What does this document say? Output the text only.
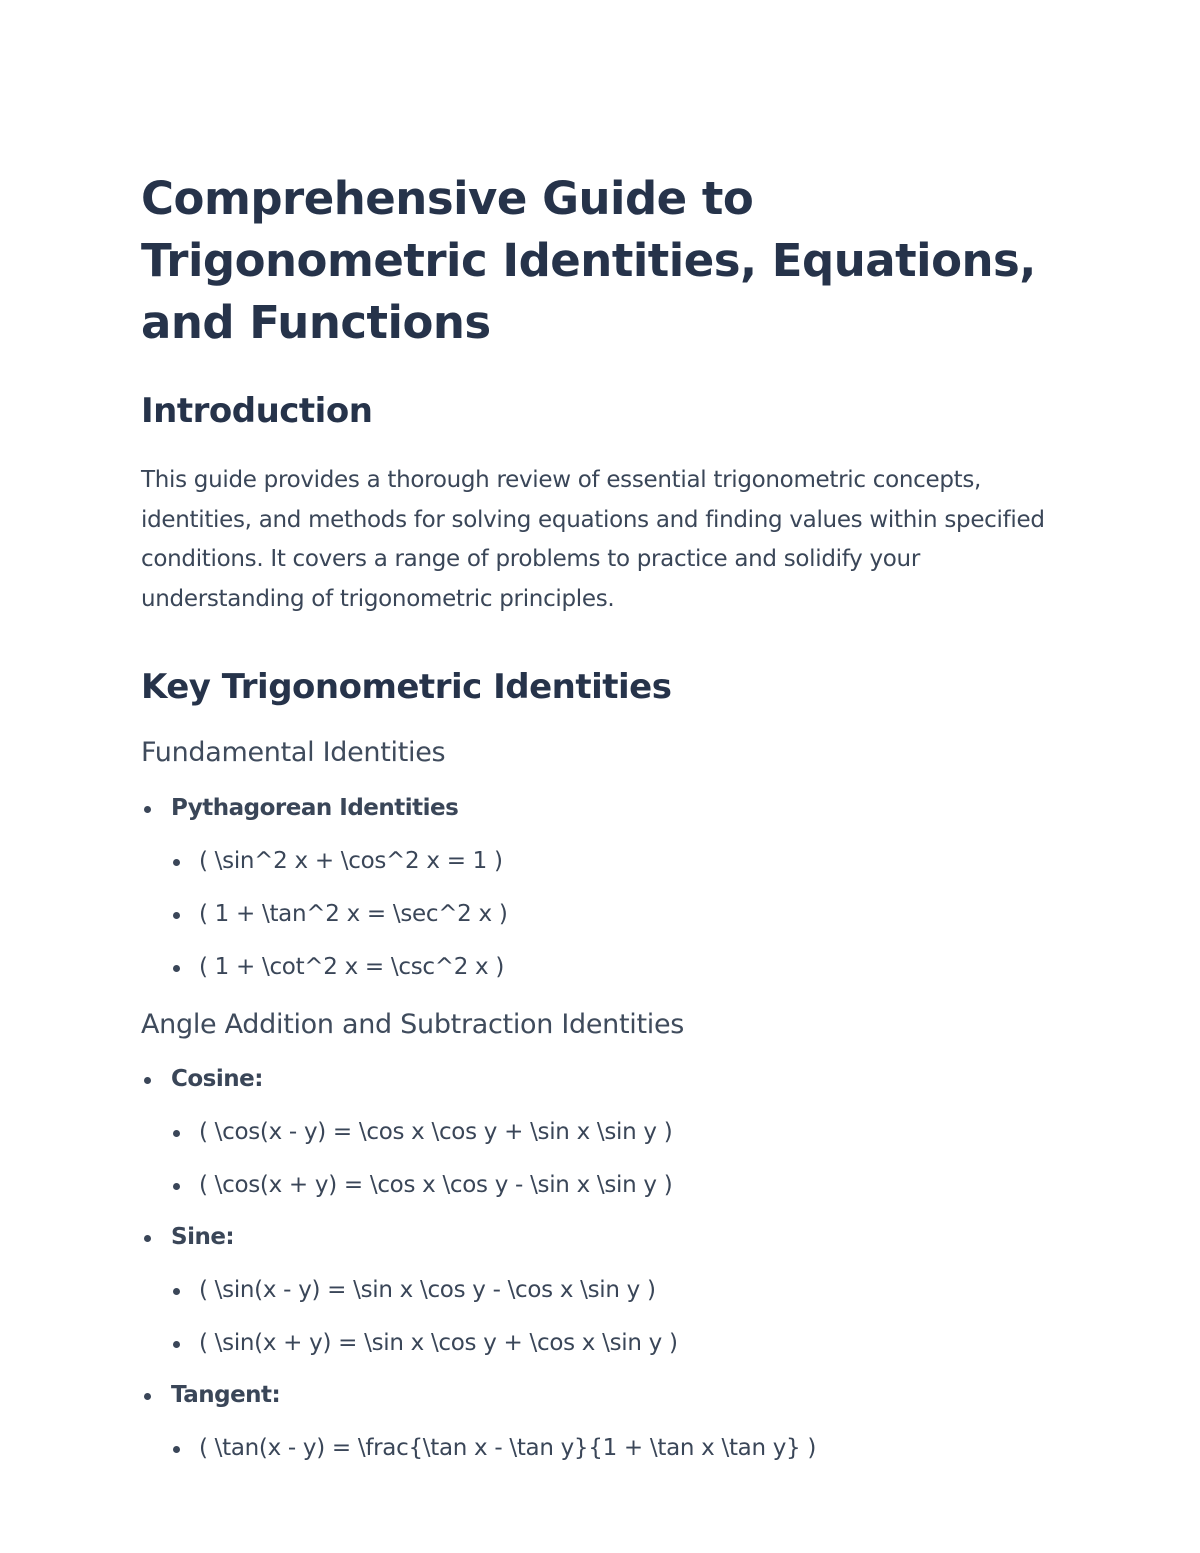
Comprehensive Guide to Trigonometric Identities, Equations, and Functions
Introduction

This guide provides a thorough review of essential trigonometric concepts, identities, and methods for solving equations and finding values within specified conditions. It covers a range of problems to practice and solidify your understanding of trigonometric principles.

Key Trigonometric Identities
Fundamental Identities
Pythagorean Identities
( \sin^2 x + \cos^2 x = 1 )
( 1 + \tan^2 x = \sec^2 x )
( 1 + \cot^2 x = \csc^2 x )
Angle Addition and Subtraction Identities
Cosine:
( \cos(x - y) = \cos x \cos y + \sin x \sin y )
( \cos(x + y) = \cos x \cos y - \sin x \sin y )
Sine:
( \sin(x - y) = \sin x \cos y - \cos x \sin y )
( \sin(x + y) = \sin x \cos y + \cos x \sin y )
Tangent:
( \tan(x - y) = \frac{\tan x - \tan y}{1 + \tan x \tan y} )
